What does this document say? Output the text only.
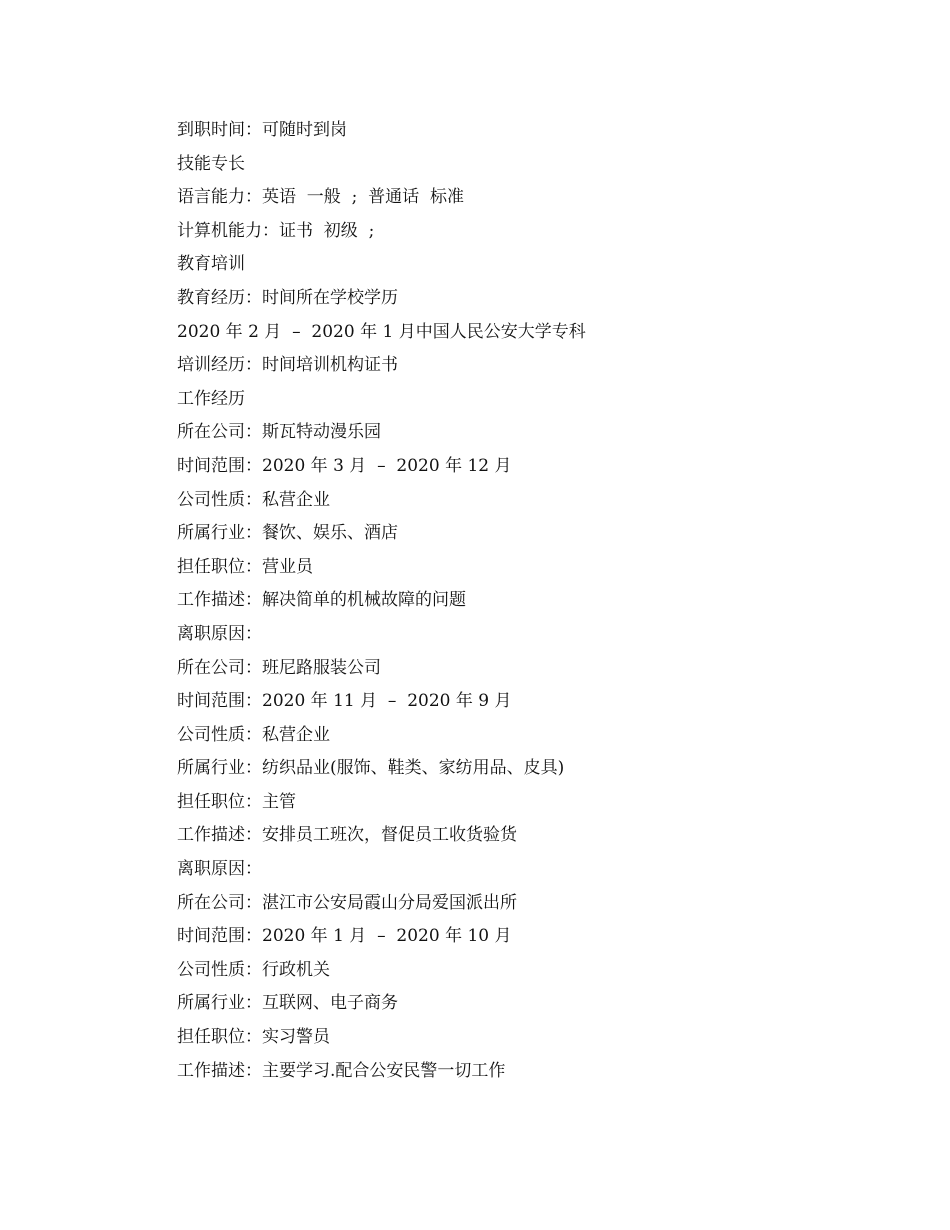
到职时间：可随时到岗
技能专长
语言能力：英语  一般  ;  普通话  标准
计算机能力：证书  初级  ;
教育培训
教育经历：时间所在学校学历
2020 年 2 月  –  2020 年 1 月中国人民公安大学专科
培训经历：时间培训机构证书
工作经历
所在公司：斯瓦特动漫乐园
时间范围：2020 年 3 月  –  2020 年 12 月
公司性质：私营企业
所属行业：餐饮、娱乐、酒店
担任职位：营业员
工作描述：解决简单的机械故障的问题
离职原因：
所在公司：班尼路服装公司
时间范围：2020 年 11 月  –  2020 年 9 月
公司性质：私营企业
所属行业：纺织品业(服饰、鞋类、家纺用品、皮具)
担任职位：主管
工作描述：安排员工班次，督促员工收货验货
离职原因：
所在公司：湛江市公安局霞山分局爱国派出所
时间范围：2020 年 1 月  –  2020 年 10 月
公司性质：行政机关
所属行业：互联网、电子商务
担任职位：实习警员
工作描述：主要学习.配合公安民警一切工作
